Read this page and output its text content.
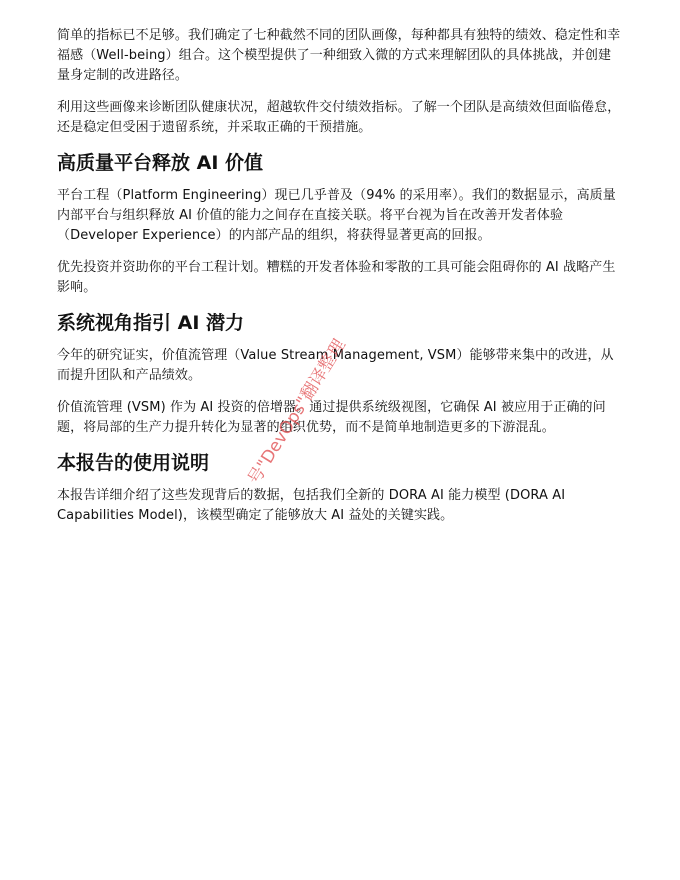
简单的指标已不足够。我们确定了七种截然不同的团队画像，每种都具有独特的绩效、稳定性和幸福感（Well-being）组合。这个模型提供了一种细致入微的方式来理解团队的具体挑战，并创建量身定制的改进路径。

利用这些画像来诊断团队健康状况，超越软件交付绩效指标。了解一个团队是高绩效但面临倦怠，还是稳定但受困于遗留系统，并采取正确的干预措施。

高质量平台释放 AI 价值

平台工程（Platform Engineering）现已几乎普及（94% 的采用率）。我们的数据显示，高质量内部平台与组织释放 AI 价值的能力之间存在直接关联。将平台视为旨在改善开发者体验（Developer Experience）的内部产品的组织，将获得显著更高的回报。

优先投资并资助你的平台工程计划。糟糕的开发者体验和零散的工具可能会阻碍你的 AI 战略产生影响。

系统视角指引 AI 潜力

今年的研究证实，价值流管理（Value Stream Management, VSM）能够带来集中的改进，从而提升团队和产品绩效。

价值流管理 (VSM) 作为 AI 投资的倍增器。通过提供系统级视图，它确保 AI 被应用于正确的问题，将局部的生产力提升转化为显著的组织优势，而不是简单地制造更多的下游混乱。

本报告的使用说明

本报告详细介绍了这些发现背后的数据，包括我们全新的 DORA AI 能力模型 (DORA AI Capabilities Model)，该模型确定了能够放大 AI 益处的关键实践。

号"DevOps"翻译整理
